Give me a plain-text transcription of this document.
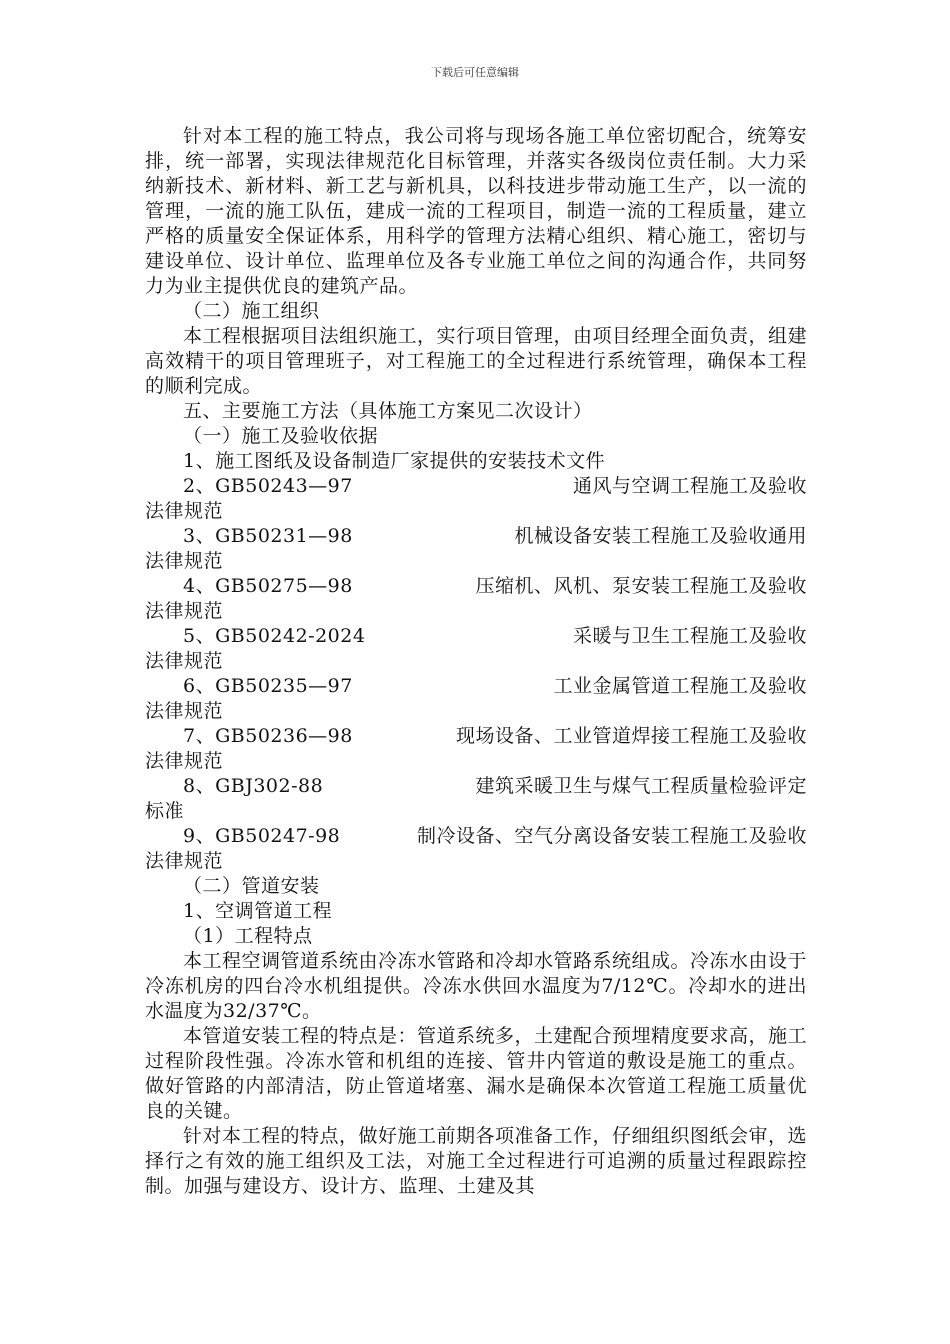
下载后可任意编辑

针对本工程的施工特点，我公司将与现场各施工单位密切配合，统筹安排，统一部署，实现法律规范化目标管理，并落实各级岗位责任制。大力采纳新技术、新材料、新工艺与新机具，以科技进步带动施工生产，以一流的管理，一流的施工队伍，建成一流的工程项目，制造一流的工程质量，建立严格的质量安全保证体系，用科学的管理方法精心组织、精心施工，密切与建设单位、设计单位、监理单位及各专业施工单位之间的沟通合作，共同努力为业主提供优良的建筑产品。

（二）施工组织

本工程根据项目法组织施工，实行项目管理，由项目经理全面负责，组建高效精干的项目管理班子，对工程施工的全过程进行系统管理，确保本工程的顺利完成。

五、主要施工方法（具体施工方案见二次设计）

（一）施工及验收依据

1、施工图纸及设备制造厂家提供的安装技术文件

2、GB50243—97	通风与空调工程施工及验收
法律规范
3、GB50231—98	机械设备安装工程施工及验收通用
法律规范
4、GB50275—98	压缩机、风机、泵安装工程施工及验收
法律规范
5、GB50242-2024	采暖与卫生工程施工及验收
法律规范
6、GB50235—97	工业金属管道工程施工及验收
法律规范
7、GB50236—98	现场设备、工业管道焊接工程施工及验收
法律规范
8、GBJ302-88	建筑采暖卫生与煤气工程质量检验评定
标准
9、GB50247-98	制冷设备、空气分离设备安装工程施工及验收
法律规范

（二）管道安装

1、空调管道工程

（1）工程特点

本工程空调管道系统由冷冻水管路和冷却水管路系统组成。冷冻水由设于冷冻机房的四台冷水机组提供。冷冻水供回水温度为7/12℃。冷却水的进出水温度为32/37℃。

本管道安装工程的特点是：管道系统多，土建配合预埋精度要求高，施工过程阶段性强。冷冻水管和机组的连接、管井内管道的敷设是施工的重点。做好管路的内部清洁，防止管道堵塞、漏水是确保本次管道工程施工质量优良的关键。

针对本工程的特点，做好施工前期各项准备工作，仔细组织图纸会审，选择行之有效的施工组织及工法，对施工全过程进行可追溯的质量过程跟踪控制。加强与建设方、设计方、监理、土建及其
